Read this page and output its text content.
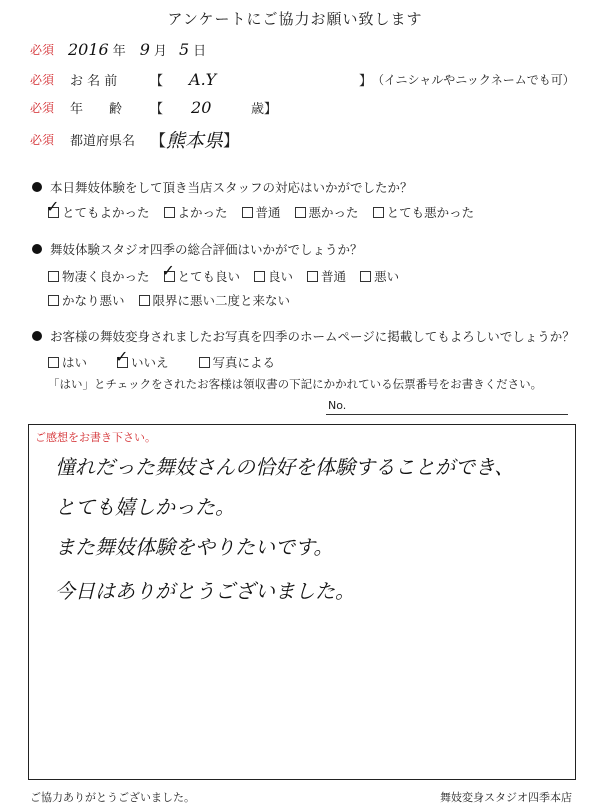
アンケートにご協力お願い致します
必須 2016 年 9 月 5 日
必須	お 名 前	【 A.Y	】 （イニシャルやニックネームでも可）
必須	年　　齢	【 20	歳】
必須	都道府県名 【 熊本県 】
本日舞妓体験をして頂き当店スタッフの対応はいかがでしたか？
✓ とてもよかった よかった 普通 悪かった とても悪かった
舞妓体験スタジオ四季の総合評価はいかがでしょうか？
物凄く良かった ✓ とても良い 良い 普通 悪い
かなり悪い 限界に悪い二度と来ない
お客様の舞妓変身されましたお写真を四季のホームページに掲載してもよろしいでしょうか？
はい ✓ いいえ	写真による
「はい」とチェックをされたお客様は領収書の下記にかかれている伝票番号をお書きください。
No.
ご感想をお書き下さい。
憧れだった舞妓さんの恰好を体験することができ、
とても嬉しかった。
また舞妓体験をやりたいです。
今日はありがとうございました。
ご協力ありがとうございました。	舞妓変身スタジオ四季本店
